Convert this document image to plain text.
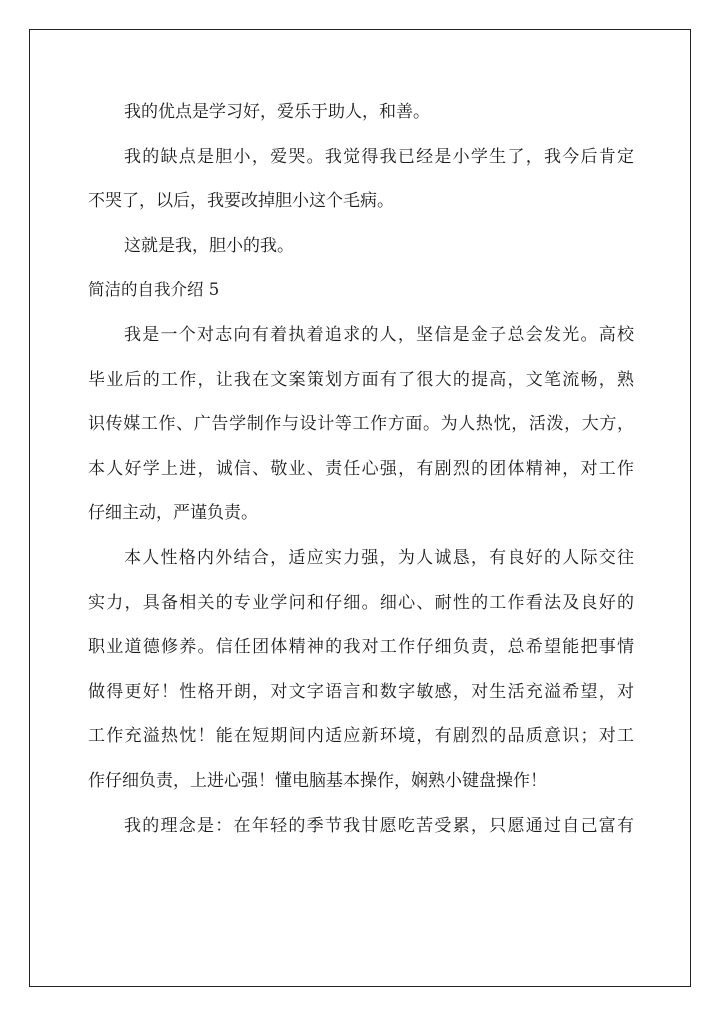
我的优点是学习好，爱乐于助人，和善。
我的缺点是胆小，爱哭。我觉得我已经是小学生了，我今后肯定
不哭了，以后，我要改掉胆小这个毛病。
这就是我，胆小的我。
简洁的自我介绍 5
我是一个对志向有着执着追求的人，坚信是金子总会发光。高校
毕业后的工作，让我在文案策划方面有了很大的提高，文笔流畅，熟
识传媒工作、广告学制作与设计等工作方面。为人热忱，活泼，大方，
本人好学上进，诚信、敬业、责任心强，有剧烈的团体精神，对工作
仔细主动，严谨负责。
本人性格内外结合，适应实力强，为人诚恳，有良好的人际交往
实力，具备相关的专业学问和仔细。细心、耐性的工作看法及良好的
职业道德修养。信任团体精神的我对工作仔细负责，总希望能把事情
做得更好！性格开朗，对文字语言和数字敏感，对生活充溢希望，对
工作充溢热忱！能在短期间内适应新环境，有剧烈的品质意识；对工
作仔细负责，上进心强！懂电脑基本操作，娴熟小键盘操作！
我的理念是：在年轻的季节我甘愿吃苦受累，只愿通过自己富有
